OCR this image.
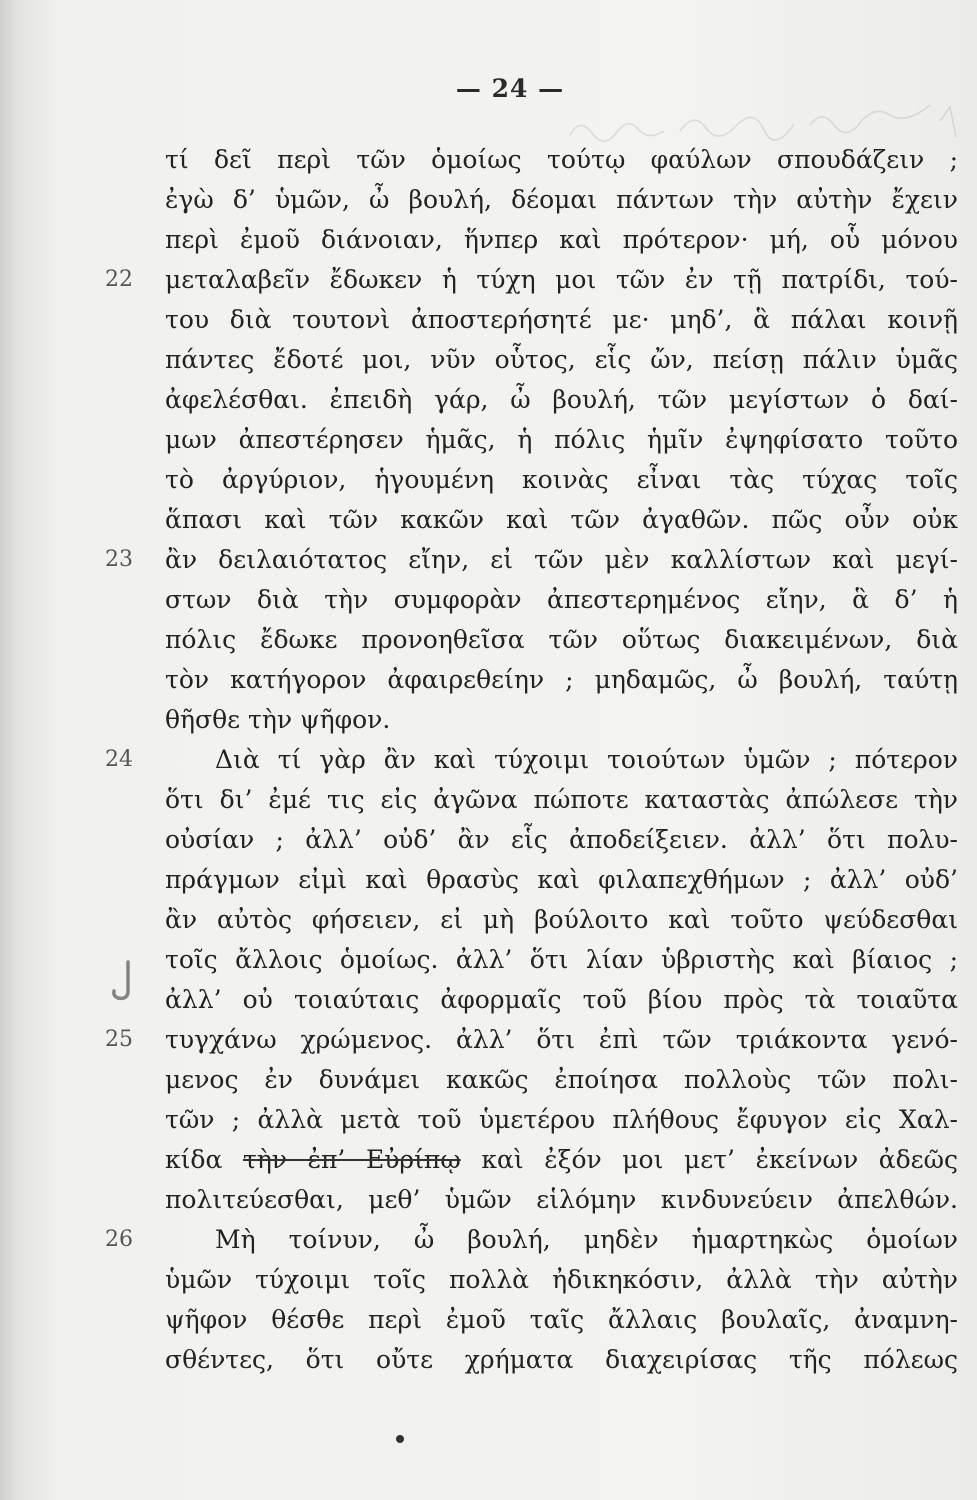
— 24 —
τί δεῖ περὶ τῶν ὁμοίως τούτῳ φαύλων σπουδάζειν ;
ἐγὼ δ’ ὑμῶν, ὦ βουλή, δέομαι πάντων τὴν αὐτὴν ἔχειν
περὶ ἐμοῦ διάνοιαν, ἥνπερ καὶ πρότερον· μή, οὗ μόνου
22 μεταλαβεῖν ἔδωκεν ἡ τύχη μοι τῶν ἐν τῇ πατρίδι, τού-
του διὰ τουτονὶ ἀποστερήσητέ με· μηδ’, ἃ πάλαι κοινῇ
πάντες ἔδοτέ μοι, νῦν οὗτος, εἷς ὤν, πείσῃ πάλιν ὑμᾶς
ἀφελέσθαι. ἐπειδὴ γάρ, ὦ βουλή, τῶν μεγίστων ὁ δαί-
μων ἀπεστέρησεν ἡμᾶς, ἡ πόλις ἡμῖν ἐψηφίσατο τοῦτο
τὸ ἀργύριον, ἡγουμένη κοινὰς εἶναι τὰς τύχας τοῖς
ἅπασι καὶ τῶν κακῶν καὶ τῶν ἀγαθῶν. πῶς οὖν οὐκ
23 ἂν δειλαιότατος εἴην, εἰ τῶν μὲν καλλίστων καὶ μεγί-
στων διὰ τὴν συμφορὰν ἀπεστερημένος εἴην, ἃ δ’ ἡ
πόλις ἔδωκε προνοηθεῖσα τῶν οὕτως διακειμένων, διὰ
τὸν κατήγορον ἀφαιρεθείην ; μηδαμῶς, ὦ βουλή, ταύτῃ
θῆσθε τὴν ψῆφον.
24	Διὰ τί γὰρ ἂν καὶ τύχοιμι τοιούτων ὑμῶν ; πότερον
ὅτι δι’ ἐμέ τις εἰς ἀγῶνα πώποτε καταστὰς ἀπώλεσε τὴν
οὐσίαν ; ἀλλ’ οὐδ’ ἂν εἷς ἀποδείξειεν. ἀλλ’ ὅτι πολυ-
πράγμων εἰμὶ καὶ θρασὺς καὶ φιλαπεχθήμων ; ἀλλ’ οὐδ’
ἂν αὐτὸς φήσειεν, εἰ μὴ βούλοιτο καὶ τοῦτο ψεύδεσθαι
τοῖς ἄλλοις ὁμοίως. ἀλλ’ ὅτι λίαν ὑβριστὴς καὶ βίαιος ;
ἀλλ’ οὐ τοιαύταις ἀφορμαῖς τοῦ βίου πρὸς τὰ τοιαῦτα
25 τυγχάνω χρώμενος. ἀλλ’ ὅτι ἐπὶ τῶν τριάκοντα γενό-
μενος ἐν δυνάμει κακῶς ἐποίησα πολλοὺς τῶν πολι-
τῶν ; ἀλλὰ μετὰ τοῦ ὑμετέρου πλήθους ἔφυγον εἰς Χαλ-
κίδα τὴν ἐπ’ Εὐρίπῳ καὶ ἐξόν μοι μετ’ ἐκείνων ἀδεῶς
πολιτεύεσθαι, μεθ’ ὑμῶν εἱλόμην κινδυνεύειν ἀπελθών.
26	Μὴ τοίνυν, ὦ βουλή, μηδὲν ἡμαρτηκὼς ὁμοίων
ὑμῶν τύχοιμι τοῖς πολλὰ ἠδικηκόσιν, ἀλλὰ τὴν αὐτὴν
ψῆφον θέσθε περὶ ἐμοῦ ταῖς ἄλλαις βουλαῖς, ἀναμνη-
σθέντες, ὅτι οὔτε χρήματα διαχειρίσας τῆς πόλεως
